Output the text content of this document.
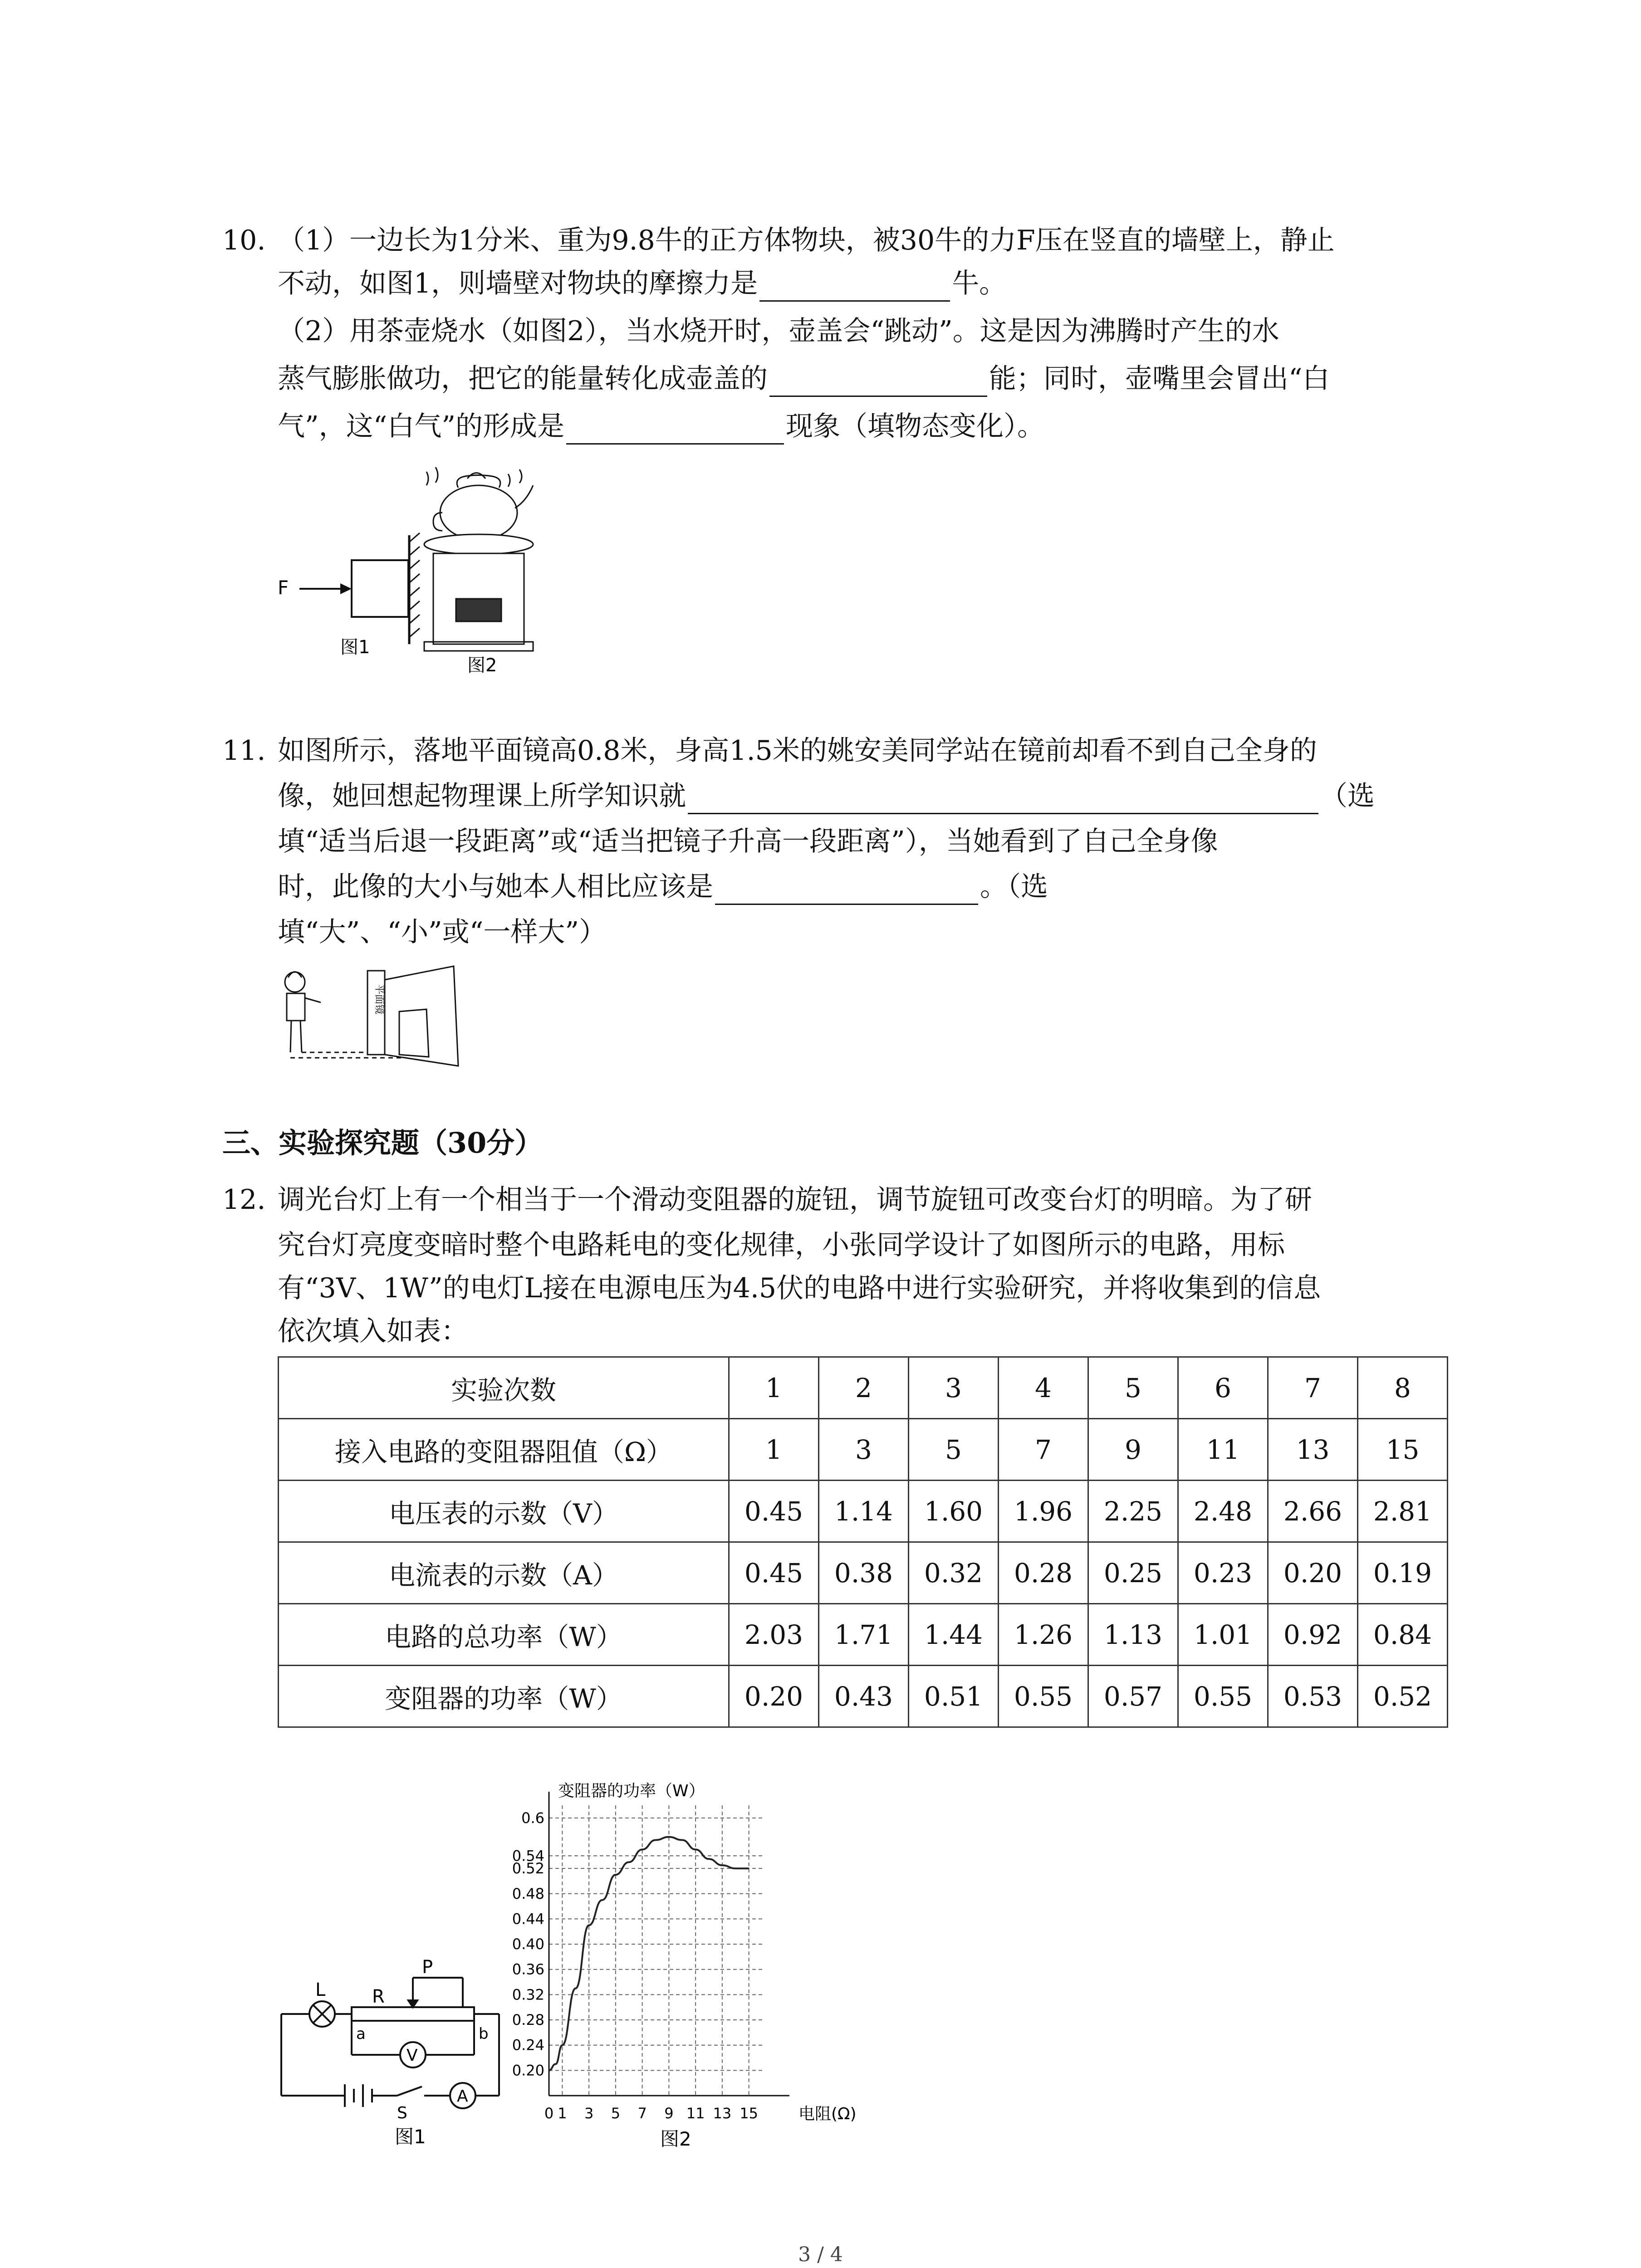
10. （1）一边长为1分米、重为9.8牛的正方体物块，被30牛的力F压在竖直的墙壁上，静止
不动，如图1，则墙壁对物块的摩擦力是	牛。
（2）用茶壶烧水（如图2），当水烧开时，壶盖会“跳动”。这是因为沸腾时产生的水
蒸气膨胀做功，把它的能量转化成壶盖的	能；同时，壶嘴里会冒出“白
气”，这“白气”的形成是	现象（填物态变化）。
F
图1
图2
11. 如图所示，落地平面镜高0.8米，身高1.5米的姚安美同学站在镜前却看不到自己全身的
像，她回想起物理课上所学知识就	（选
填“适当后退一段距离”或“适当把镜子升高一段距离”），当她看到了自己全身像
时，此像的大小与她本人相比应该是	。（选
填“大”、“小”或“一样大”）
平面镜
三、实验探究题（30分）
12. 调光台灯上有一个相当于一个滑动变阻器的旋钮，调节旋钮可改变台灯的明暗。为了研
究台灯亮度变暗时整个电路耗电的变化规律，小张同学设计了如图所示的电路，用标
有“3V、1W”的电灯L接在电源电压为4.5伏的电路中进行实验研究，并将收集到的信息
依次填入如表：
实验次数	1	2	3	4	5	6	7	8
接入电路的变阻器阻值（Ω）	1	3	5	7	9	11	13	15
电压表的示数（V）	0.45	1.14	1.60	1.96	2.25	2.48	2.66	2.81
电流表的示数（A）	0.45	0.38	0.32	0.28	0.25	0.23	0.20	0.19
电路的总功率（W）	2.03	1.71	1.44	1.26	1.13	1.01	0.92	0.84
变阻器的功率（W）	0.20	0.43	0.51	0.55	0.57	0.55	0.53	0.52
L	R
P
a	b
V
S
A
图1
0.20
0.24
0.28
0.32
0.36
0.40
0.44
0.48
0.52
0.54
0.6
0 1 3 5 7 9 11 13 15
变阻器的功率（W）
电阻(Ω)
图2
3 / 4
